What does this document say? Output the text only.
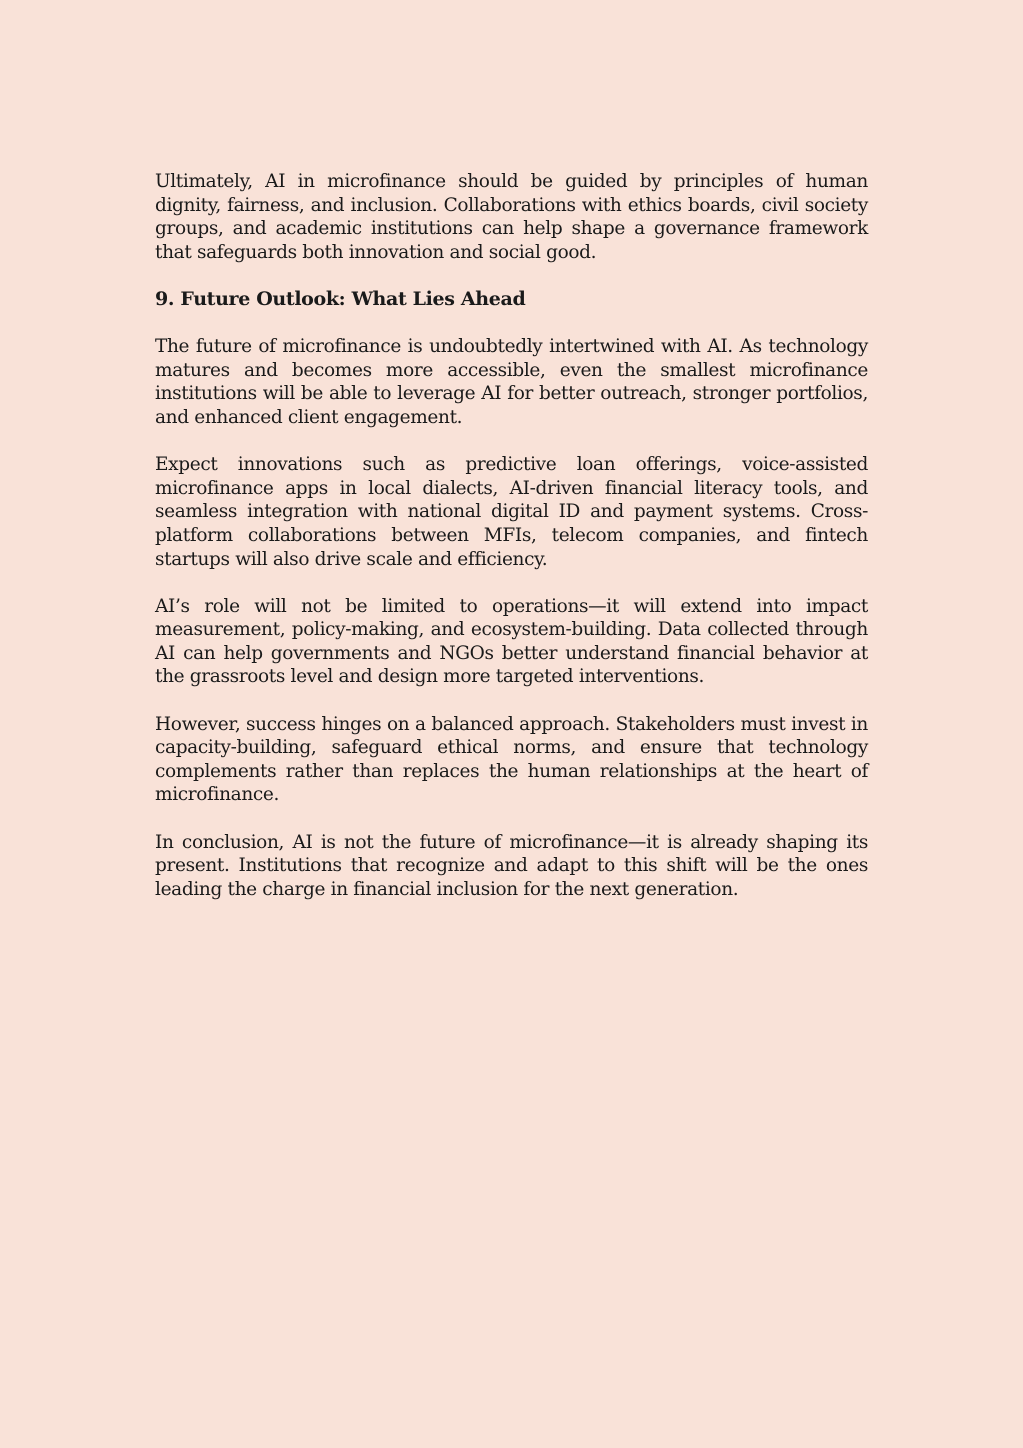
Ultimately, AI in microfinance should be guided by principles of human dignity, fairness, and inclusion. Collaborations with ethics boards, civil society groups, and academic institutions can help shape a governance framework that safeguards both innovation and social good.

9. Future Outlook: What Lies Ahead

The future of microfinance is undoubtedly intertwined with AI. As technology matures and becomes more accessible, even the smallest microfinance institutions will be able to leverage AI for better outreach, stronger portfolios, and enhanced client engagement.

Expect innovations such as predictive loan offerings, voice-assisted microfinance apps in local dialects, AI-driven financial literacy tools, and seamless integration with national digital ID and payment systems. Cross-platform collaborations between MFIs, telecom companies, and fintech startups will also drive scale and efficiency.

AI’s role will not be limited to operations—it will extend into impact measurement, policy-making, and ecosystem-building. Data collected through AI can help governments and NGOs better understand financial behavior at the grassroots level and design more targeted interventions.

However, success hinges on a balanced approach. Stakeholders must invest in capacity-building, safeguard ethical norms, and ensure that technology complements rather than replaces the human relationships at the heart of microfinance.

In conclusion, AI is not the future of microfinance—it is already shaping its present. Institutions that recognize and adapt to this shift will be the ones leading the charge in financial inclusion for the next generation.
